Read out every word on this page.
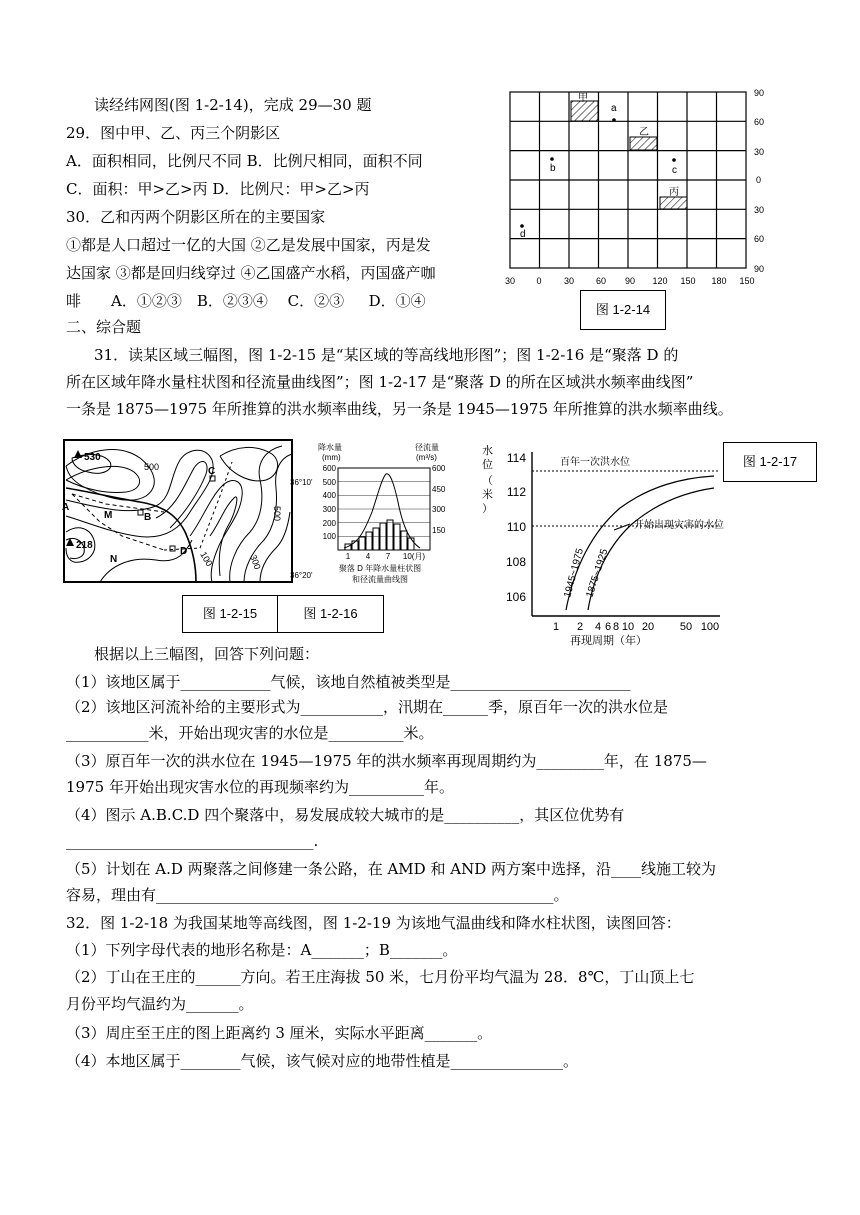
读经纬网图(图 1-2-14)，完成 29—30 题
29．图中甲、乙、丙三个阴影区
A．面积相同，比例尺不同 B．比例尺相同，面积不同
C．面积：甲>乙>丙 D．比例尺：甲>乙>丙
30．乙和丙两个阴影区所在的主要国家
①都是人口超过一亿的大国 ②乙是发展中国家，丙是发
达国家 ③都是回归线穿过 ④乙国盛产水稻，丙国盛产咖
啡　　A．①②③　B．②③④　 C．②③ 　 D．①④
二、综合题
甲
乙
丙
a
b	c
d
90
60
30
0
30
60
90
30 0 30 60 90 120 150 180 150
图 1-2-14
31．读某区域三幅图，图 1-2-15 是“某区域的等高线地形图”；图 1-2-16 是“聚落 D 的
所在区域年降水量柱状图和径流量曲线图”；图 1-2-17 是“聚落 D 的所在区域洪水频率曲线图”
一条是 1875—1975 年所推算的洪水频率曲线，另一条是 1945—1975 年所推算的洪水频率曲线。
530
218
500
500
300
100
A
M	B
C
N
D
36°10'
36°20'
降水量
(mm)
径流量
(m³/s)
600
500
400
300
200
100
600
450
300
150
1 4 7 10(月)
聚落 D 年降水量柱状图
和径流量曲线图
图 1-2-15	图 1-2-16
水
位
（
米
）
114
112
110
108
106
百年一次洪水位
开始出现灾害的水位
1945~1975
1875~1925
1 2 4 6 8 10 20 50 100
再现周期（年）
图 1-2-17
根据以上三幅图，回答下列问题：
（1）该地区属于____________气候，该地自然植被类型是________________________
（2）该地区河流补给的主要形式为___________，汛期在______季，原百年一次的洪水位是
___________米，开始出现灾害的水位是__________米。
（3）原百年一次的洪水位在 1945—1975 年的洪水频率再现周期约为_________年，在 1875—
1975 年开始出现灾害水位的再现频率约为__________年。
（4）图示 A.B.C.D 四个聚落中，易发展成较大城市的是__________，其区位优势有
_________________________________.
（5）计划在 A.D 两聚落之间修建一条公路，在 AMD 和 AND 两方案中选择，沿____线施工较为
容易，理由有_____________________________________________________。
32．图 1-2-18 为我国某地等高线图，图 1-2-19 为该地气温曲线和降水柱状图，读图回答：
（1）下列字母代表的地形名称是：A_______；B_______。
（2）丁山在王庄的______方向。若王庄海拔 50 米，七月份平均气温为 28．8℃，丁山顶上七
月份平均气温约为_______。
（3）周庄至王庄的图上距离约 3 厘米，实际水平距离_______。
（4）本地区属于________气候，该气候对应的地带性植是_______________。
